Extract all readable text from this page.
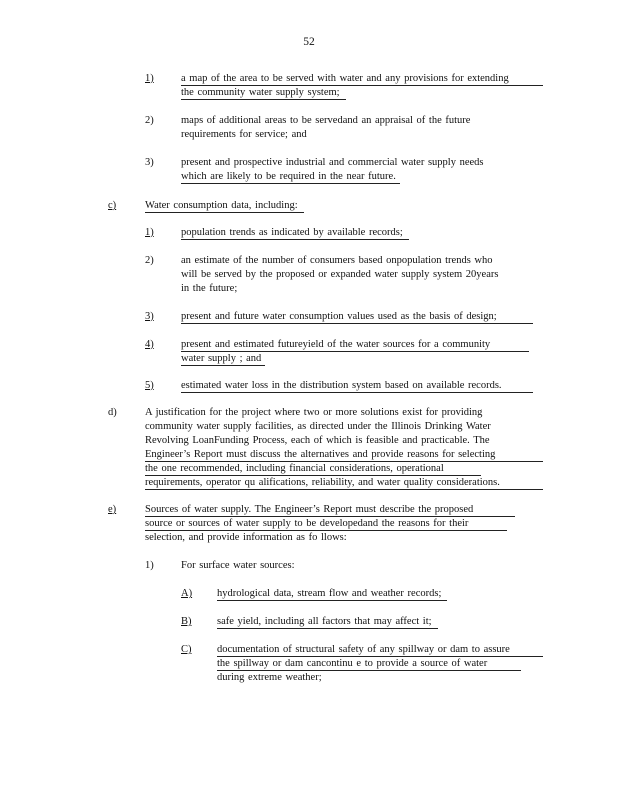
52
1)	a map of the area to be served with water and any provisions for extending
the community water supply system;
2)	maps of additional areas to be servedand an appraisal of the future
requirements for service; and
3)	present and prospective industrial and commercial water supply needs
which are likely to be required in the near future.
c)	Water consumption data, including:
1)	population trends as indicated by available records;
2)	an estimate of the number of consumers based onpopulation trends who
will be served by the proposed or expanded water supply system 20years
in the future;
3)	present and future water consumption values used as the basis of design;
4)	present and estimated futureyield of the water sources for a community
water supply ; and
5)	estimated water loss in the distribution system based on available records.
d)	A justification for the project where two or more solutions exist for providing
community water supply facilities, as directed under the Illinois Drinking Water
Revolving LoanFunding Process, each of which is feasible and practicable. The
Engineer’s Report must discuss the alternatives and provide reasons for selecting the one recommended, including financial considerations, operational requirements, operator qu alifications, reliability, and water quality considerations.
e)	Sources of water supply. The Engineer’s Report must describe the proposed source or sources of water supply to be developedand the reasons for their
selection, and provide information as fo llows:
1)	For surface water sources:
A) hydrological data, stream flow and weather records;
B) safe yield, including all factors that may affect it;
C) documentation of structural safety of any spillway or dam to assure the spillway or dam cancontinu e to provide a source of water
during extreme weather;
